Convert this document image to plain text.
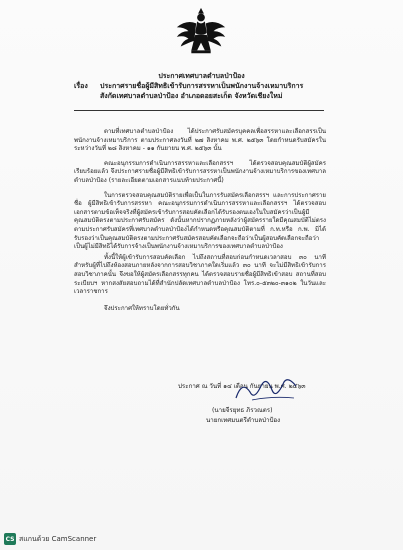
ประกาศเทศบาลตำบลป่าป้อง
เรื่อง ประกาศรายชื่อผู้มีสิทธิเข้ารับการสรรหาเป็นพนักงานจ้างเหมาบริการ
สังกัดเทศบาลตำบลป่าป้อง อำเภอดอยสะเก็ด จังหวัดเชียงใหม่

ตามที่เทศบาลตำบลป่าป้อง ได้ประกาศรับสมัครบุคคลเพื่อสรรหาและเลือกสรรเป็นพนักงานจ้างเหมาบริการ ตามประกาศลงวันที่ ๒๗ สิงหาคม พ.ศ. ๒๕๖๓ โดยกำหนดรับสมัครในระหว่างวันที่ ๒๘ สิงหาคม - ๑๑ กันยายน พ.ศ. ๒๕๖๓ นั้น

คณะอนุกรรมการดำเนินการสรรหาและเลือกสรรฯ ได้ตรวจสอบคุณสมบัติผู้สมัครเรียบร้อยแล้ว จึงประกาศรายชื่อผู้มีสิทธิเข้ารับการสรรหาเป็นพนักงานจ้างเหมาบริการของเทศบาลตำบลป่าป้อง (รายละเอียดตามเอกสารแนบท้ายประกาศนี้)

ในการตรวจสอบคุณสมบัติรายเพื่อเป็นในการรับสมัครเลือกสรรฯ และการประกาศรายชื่อ ผู้มีสิทธิเข้ารับการสรรหา คณะอนุกรรมการดำเนินการสรรหาและเลือกสรรฯ ได้ตรวจสอบเอกสารตามข้อเท็จจริงที่ผู้สมัครเข้ารับการสอบคัดเลือกได้รับรองตนเองในใบสมัครว่าเป็นผู้มีคุณสมบัติตรงตามประกาศรับสมัคร ดังนั้นหากปรากฏภายหลังว่าผู้สมัครรายใดมีคุณสมบัติไม่ตรงตามประกาศรับสมัครที่เทศบาลตำบลป่าป้องได้กำหนดหรือคุณสมบัติตามที่ ก.ท.หรือ ก.พ. มิได้รับรองว่าเป็นคุณสมบัติตรงตามประกาศรับสมัครสอบคัดเลือกจะถือว่าเป็นผู้สอบคัดเลือกจะถือว่าเป็นผู้ไม่มีสิทธิได้รับการจ้างเป็นพนักงานจ้างเหมาบริการของเทศบาลตำบลป่าป้อง

ทั้งนี้ให้ผู้เข้ารับการสอบคัดเลือก ไปถึงสถานที่สอบก่อนกำหนดเวลาสอบ ๓๐ นาที สำหรับผู้ที่ไปถึงห้องสอบภายหลังจากการสอบวิชาภาคใดเริ่มแล้ว ๓๐ นาที จะไม่มีสิทธิเข้ารับการสอบวิชาภาคนั้น จึงขอให้ผู้สมัครเลือกสรรทุกคน ได้ตรวจสอบรายชื่อผู้มีสิทธิเข้าสอบ สถานที่สอบ ระเบียบฯ หากสงสัยสอบถามได้ที่สำนักปลัดเทศบาลตำบลป่าป้อง โทร.๐-๕๓๒๐-๓๑๐๒ ในวันและเวลาราชการ

จึงประกาศให้ทราบโดยทั่วกัน

ประกาศ ณ วันที่ ๑๔ เดือน กันยายน พ.ศ. ๒๕๖๓
(นายจีรยุทธ ภิรวณตร)
นายกเทศมนตรีตำบลป่าป้อง
CS สแกนด้วย CamScanner
